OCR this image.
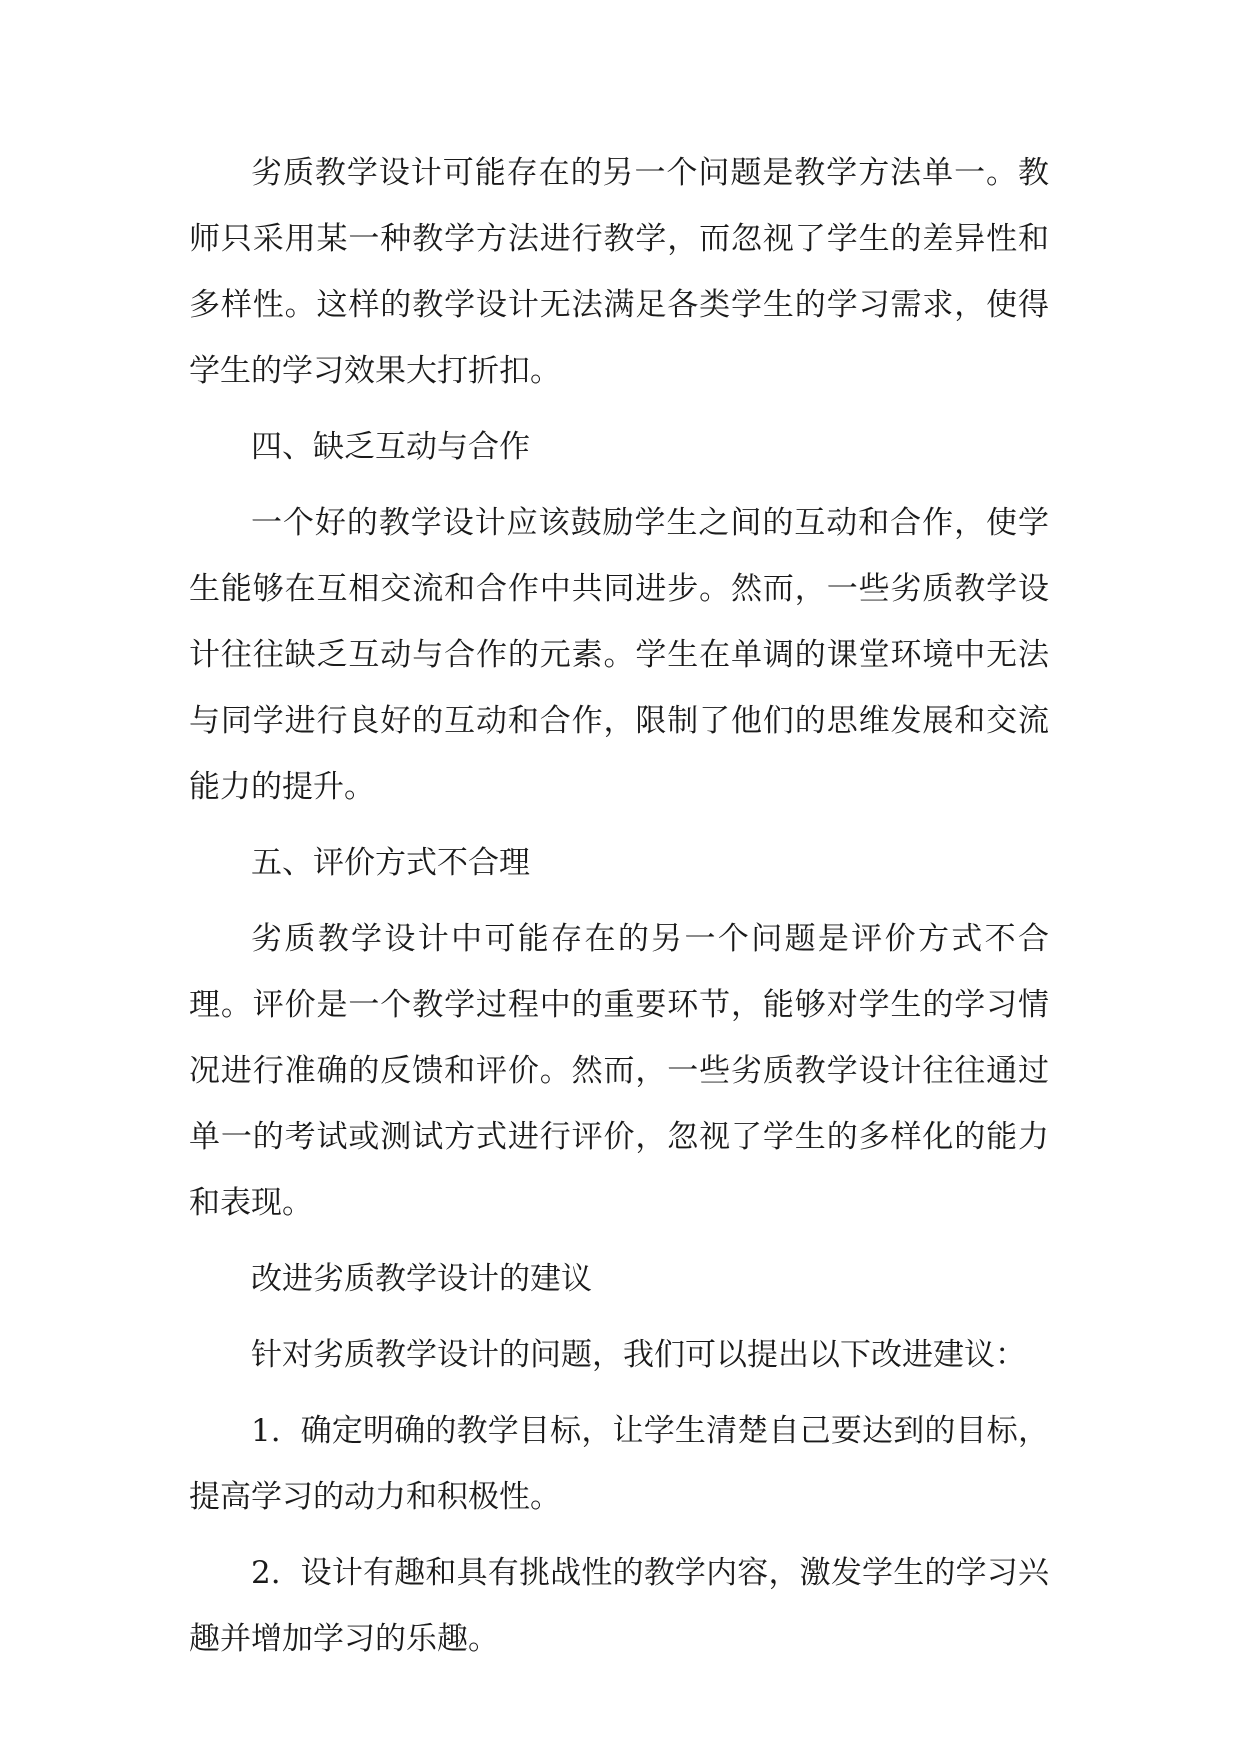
劣质教学设计可能存在的另一个问题是教学方法单一。教师只采用某一种教学方法进行教学，而忽视了学生的差异性和多样性。这样的教学设计无法满足各类学生的学习需求，使得学生的学习效果大打折扣。

四、缺乏互动与合作

一个好的教学设计应该鼓励学生之间的互动和合作，使学生能够在互相交流和合作中共同进步。然而，一些劣质教学设计往往缺乏互动与合作的元素。学生在单调的课堂环境中无法与同学进行良好的互动和合作，限制了他们的思维发展和交流能力的提升。

五、评价方式不合理

劣质教学设计中可能存在的另一个问题是评价方式不合理。评价是一个教学过程中的重要环节，能够对学生的学习情况进行准确的反馈和评价。然而，一些劣质教学设计往往通过单一的考试或测试方式进行评价，忽视了学生的多样化的能力和表现。

改进劣质教学设计的建议

针对劣质教学设计的问题，我们可以提出以下改进建议：

1.  确定明确的教学目标，让学生清楚自己要达到的目标，提高学习的动力和积极性。

2.  设计有趣和具有挑战性的教学内容，激发学生的学习兴趣并增加学习的乐趣。
